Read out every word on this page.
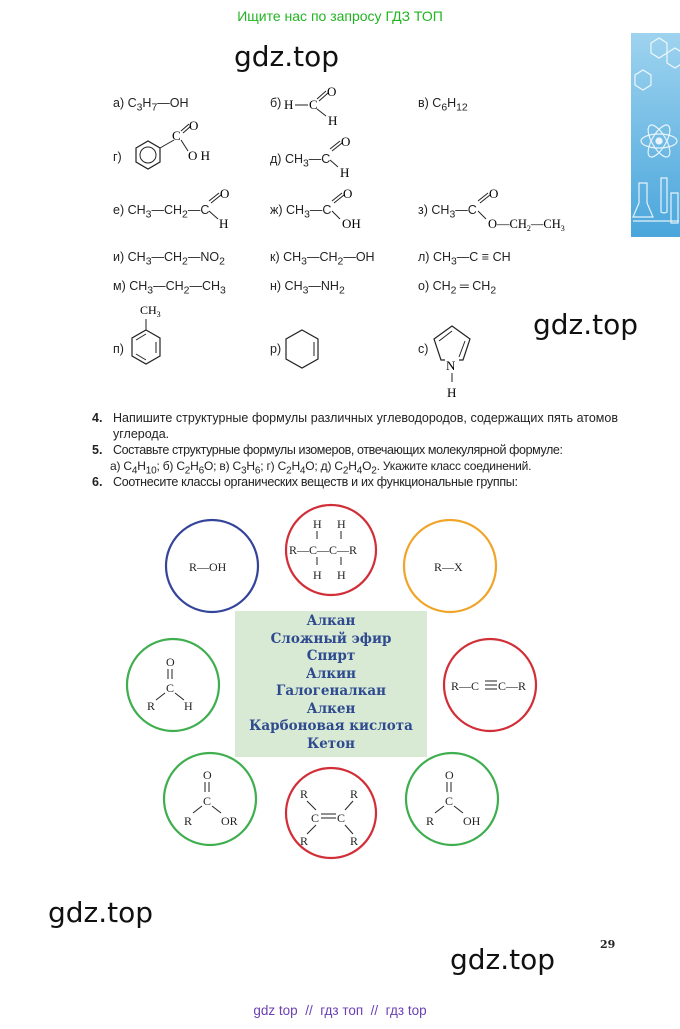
Ищите нас по запросу ГДЗ ТОП
gdz.top
gdz.top
gdz.top
gdz.top
а) $C_3H_7—OH$	б) H C
O
H
в) $C_6H_{12}$
г)
C
O
O H	д) $CH_3—C$
O
H
е) $CH_3—CH_2—C$
O
H
ж) $CH_3—C$
O
OH
з) $CH_3—C$
O
$O—CH_2—CH_3$
и) $CH_3—CH_2—NO_2$	к) $CH_3—CH_2—OH$	л) $CH_3—C$ ≡ CH
м) $CH_3—CH_2—CH_3$	н) $CH_3—NH_2$	о) $CH_2$ ═ $CH_2$
п)
$CH_3$
р)	с)
N
H
4. Напишите структурные формулы различных углеводородов, содержащих пять атомов углерода.
5. Составьте структурные формулы изомеров, отвечающих молекулярной формуле:
а) $C_4H_{10}$; б) $C_2H_6O$; в) $C_3H_6$; г) $C_2H_4O$; д) $C_2H_4O_2$. Укажите класс соединений.
6. Соотнесите классы органических веществ и их функциональные группы:
Алкан
Сложный эфир
Спирт
Алкин
Галогеналкан
Алкен
Карбоновая кислота
Кетон
R—OH
H H
R—C—C—R
H H
R—X
O
C
R H
R—C C—R
O
C
R OR
R	R
C C
R	R
O
C
R OH
29
gdz top  //  гдз топ  //  гдз top
